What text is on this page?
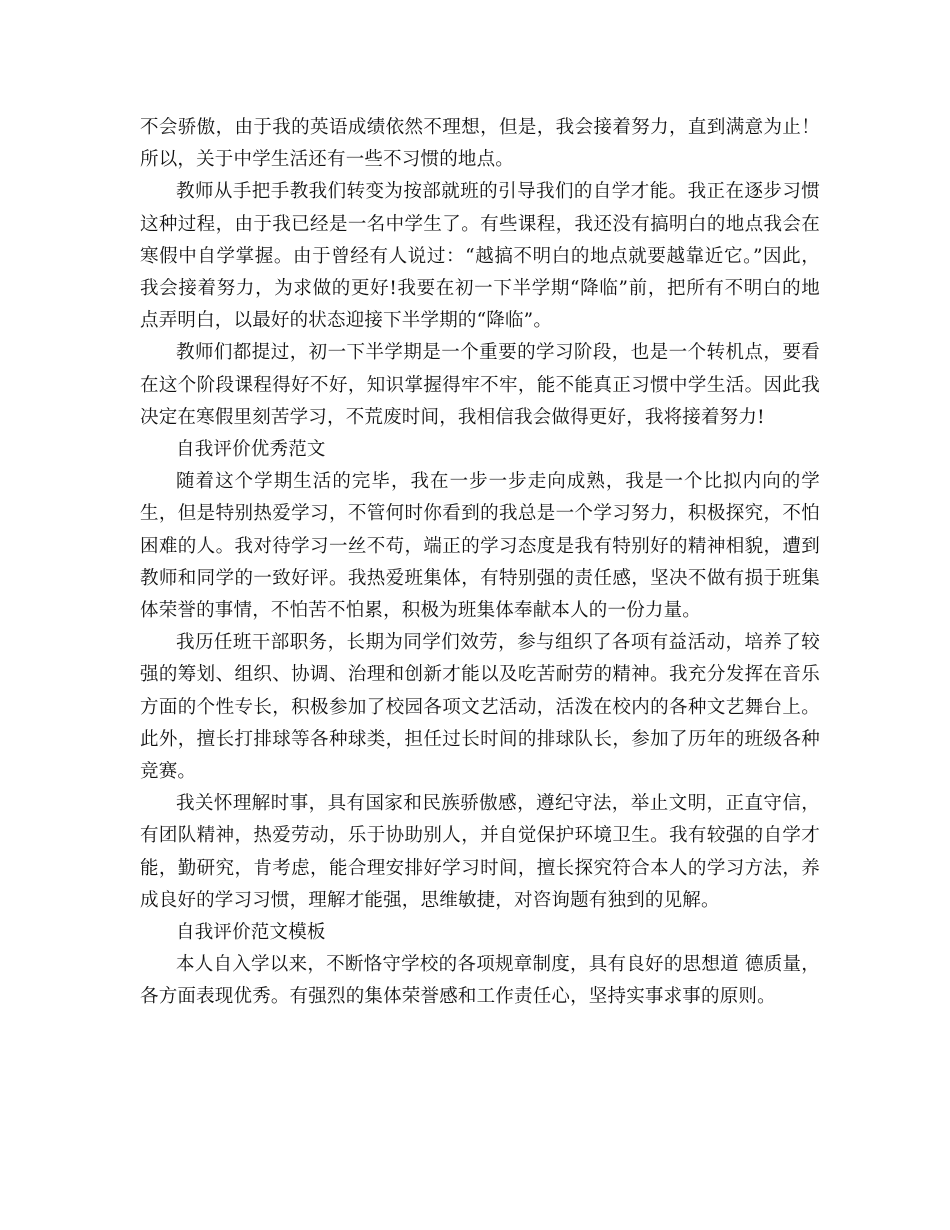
不会骄傲，由于我的英语成绩依然不理想，但是，我会接着努力，直到满意为止！所以，关于中学生活还有一些不习惯的地点。

教师从手把手教我们转变为按部就班的引导我们的自学才能。我正在逐步习惯这种过程，由于我已经是一名中学生了。有些课程，我还没有搞明白的地点我会在寒假中自学掌握。由于曾经有人说过：“越搞不明白的地点就要越靠近它。”因此，我会接着努力，为求做的更好!我要在初一下半学期“降临”前，把所有不明白的地点弄明白，以最好的状态迎接下半学期的“降临”。

教师们都提过，初一下半学期是一个重要的学习阶段，也是一个转机点，要看在这个阶段课程得好不好，知识掌握得牢不牢，能不能真正习惯中学生活。因此我决定在寒假里刻苦学习，不荒废时间，我相信我会做得更好，我将接着努力!

自我评价优秀范文

随着这个学期生活的完毕，我在一步一步走向成熟，我是一个比拟内向的学生，但是特别热爱学习，不管何时你看到的我总是一个学习努力，积极探究，不怕困难的人。我对待学习一丝不苟，端正的学习态度是我有特别好的精神相貌，遭到教师和同学的一致好评。我热爱班集体，有特别强的责任感，坚决不做有损于班集体荣誉的事情，不怕苦不怕累，积极为班集体奉献本人的一份力量。

我历任班干部职务，长期为同学们效劳，参与组织了各项有益活动，培养了较强的筹划、组织、协调、治理和创新才能以及吃苦耐劳的精神。我充分发挥在音乐方面的个性专长，积极参加了校园各项文艺活动，活泼在校内的各种文艺舞台上。此外，擅长打排球等各种球类，担任过长时间的排球队长，参加了历年的班级各种竞赛。

我关怀理解时事，具有国家和民族骄傲感，遵纪守法，举止文明，正直守信，有团队精神，热爱劳动，乐于协助别人，并自觉保护环境卫生。我有较强的自学才能，勤研究，肯考虑，能合理安排好学习时间，擅长探究符合本人的学习方法，养成良好的学习习惯，理解才能强，思维敏捷，对咨询题有独到的见解。

自我评价范文模板

本人自入学以来，不断恪守学校的各项规章制度，具有良好的思想道 德质量，各方面表现优秀。有强烈的集体荣誉感和工作责任心，坚持实事求事的原则。
